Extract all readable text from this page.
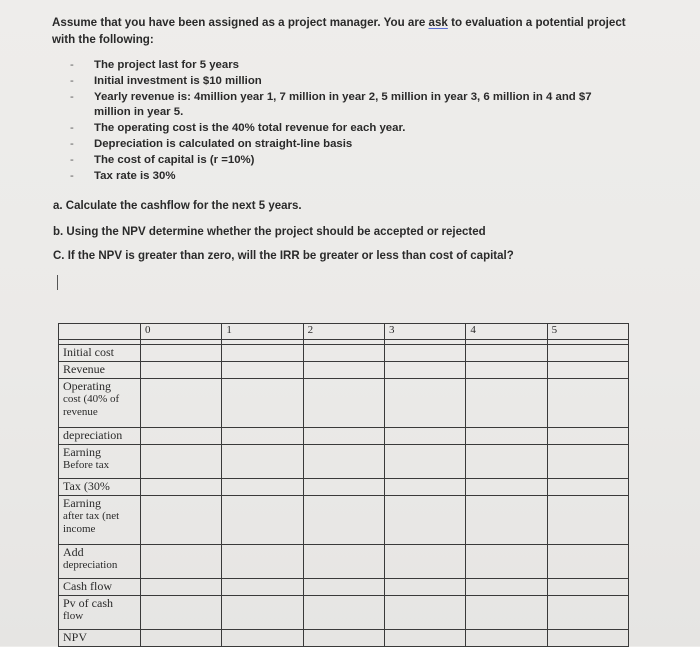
Assume that you have been assigned as a project manager. You are ask to evaluation a potential project with the following:
- The project last for 5 years
- Initial investment is $10 million
- Yearly revenue is: 4million year 1, 7 million in year 2, 5 million in year 3, 6 million in 4 and $7 million in year 5.
- The operating cost is the 40% total revenue for each year.
- Depreciation is calculated on straight-line basis
- The cost of capital is (r =10%)
- Tax rate is 30%
a. Calculate the cashflow for the next 5 years.
b. Using the NPV determine whether the project should be accepted or rejected
C. If the NPV is greater than zero, will the IRR be greater or less than cost of capital?
	0	1	2	3	4	5

Initial cost						

Revenue						

Operating
cost (40% of
revenue						

depreciation						

Earning
Before tax						

Tax (30%						

Earning
after tax (net
income						

Add
depreciation						

Cash flow						

Pv of cash
flow						

NPV						
